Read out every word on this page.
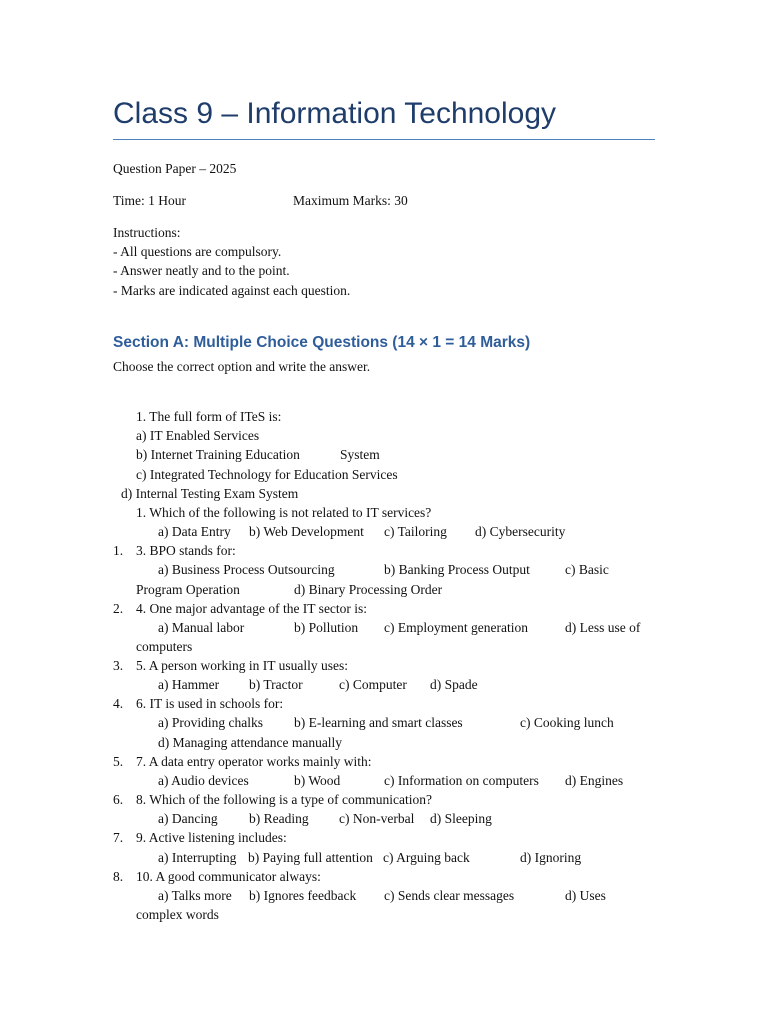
Class 9 – Information Technology
Question Paper – 2025
Time: 1 Hour	Maximum Marks: 30
Instructions:
- All questions are compulsory.
- Answer neatly and to the point.
- Marks are indicated against each question.
Section A: Multiple Choice Questions (14 × 1 = 14 Marks)
Choose the correct option and write the answer.
1. The full form of ITeS is:
a) IT Enabled Services
b) Internet Training Education	System
c) Integrated Technology for Education Services
d) Internal Testing Exam System
1. Which of the following is not related to IT services?
a) Data Entry b) Web Development c) Tailoring d) Cybersecurity
1. 3. BPO stands for:
a) Business Process Outsourcing	b) Banking Process Output	c) Basic
Program Operation	d) Binary Processing Order
2. 4. One major advantage of the IT sector is:
a) Manual labor	b) Pollution c) Employment generation	d) Less use of
computers
3. 5. A person working in IT usually uses:
a) Hammer b) Tractor	c) Computer d) Spade
4. 6. IT is used in schools for:
a) Providing chalks b) E-learning and smart classes	c) Cooking lunch
d) Managing attendance manually
5. 7. A data entry operator works mainly with:
a) Audio devices	b) Wood	c) Information on computers d) Engines
6. 8. Which of the following is a type of communication?
a) Dancing b) Reading c) Non-verbal d) Sleeping
7. 9. Active listening includes:
a) Interrupting b) Paying full attention c) Arguing back	d) Ignoring
8. 10. A good communicator always:
a) Talks more b) Ignores feedback c) Sends clear messages	d) Uses
complex words
